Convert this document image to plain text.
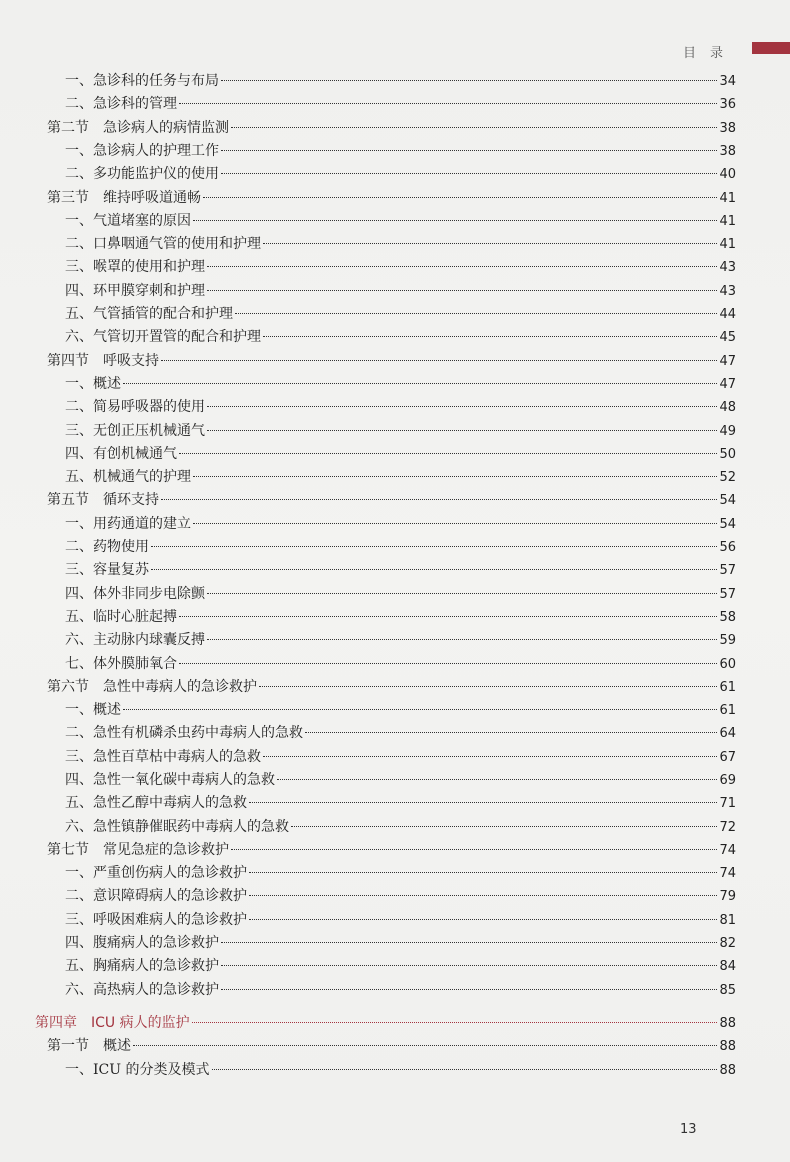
目录
一、急诊科的任务与布局	34
二、急诊科的管理	36
第二节　急诊病人的病情监测	38
一、急诊病人的护理工作	38
二、多功能监护仪的使用	40
第三节　维持呼吸道通畅	41
一、气道堵塞的原因	41
二、口鼻咽通气管的使用和护理	41
三、喉罩的使用和护理	43
四、环甲膜穿刺和护理	43
五、气管插管的配合和护理	44
六、气管切开置管的配合和护理	45
第四节　呼吸支持	47
一、概述	47
二、简易呼吸器的使用	48
三、无创正压机械通气	49
四、有创机械通气	50
五、机械通气的护理	52
第五节　循环支持	54
一、用药通道的建立	54
二、药物使用	56
三、容量复苏	57
四、体外非同步电除颤	57
五、临时心脏起搏	58
六、主动脉内球囊反搏	59
七、体外膜肺氧合	60
第六节　急性中毒病人的急诊救护	61
一、概述	61
二、急性有机磷杀虫药中毒病人的急救	64
三、急性百草枯中毒病人的急救	67
四、急性一氧化碳中毒病人的急救	69
五、急性乙醇中毒病人的急救	71
六、急性镇静催眠药中毒病人的急救	72
第七节　常见急症的急诊救护	74
一、严重创伤病人的急诊救护	74
二、意识障碍病人的急诊救护	79
三、呼吸困难病人的急诊救护	81
四、腹痛病人的急诊救护	82
五、胸痛病人的急诊救护	84
六、高热病人的急诊救护	85
第四章　ICU 病人的监护	88
第一节　概述	88
一、ICU 的分类及模式	88
13
